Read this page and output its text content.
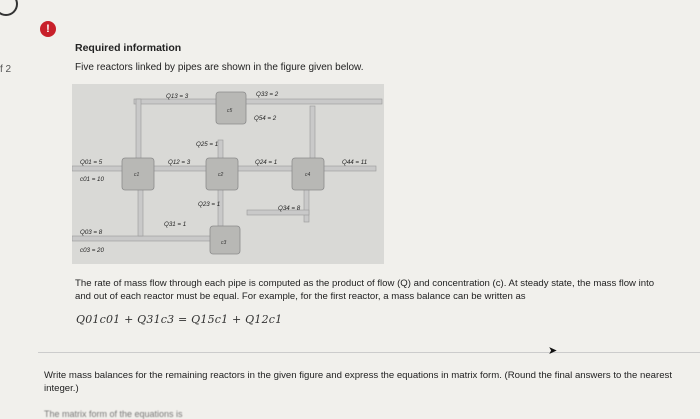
f 2
!
Required information
Five reactors linked by pipes are shown in the figure given below.
c1	c2	c4
c5
c3
Q13 = 3	Q33 = 2
Q54 = 2
Q25 = 1
Q01 = 5
c01 = 10
Q12 = 3	Q24 = 1	Q44 = 11
Q23 = 1
Q34 = 8
Q31 = 1
Q03 = 8
c03 = 20
The rate of mass flow through each pipe is computed as the product of flow (Q) and concentration (c). At steady state, the mass flow into and out of each reactor must be equal. For example, for the first reactor, a mass balance can be written as
Q01c01 + Q31c3 = Q15c1 + Q12c1
➤
Write mass balances for the remaining reactors in the given figure and express the equations in matrix form. (Round the final answers to the nearest integer.)
The matrix form of the equations is
